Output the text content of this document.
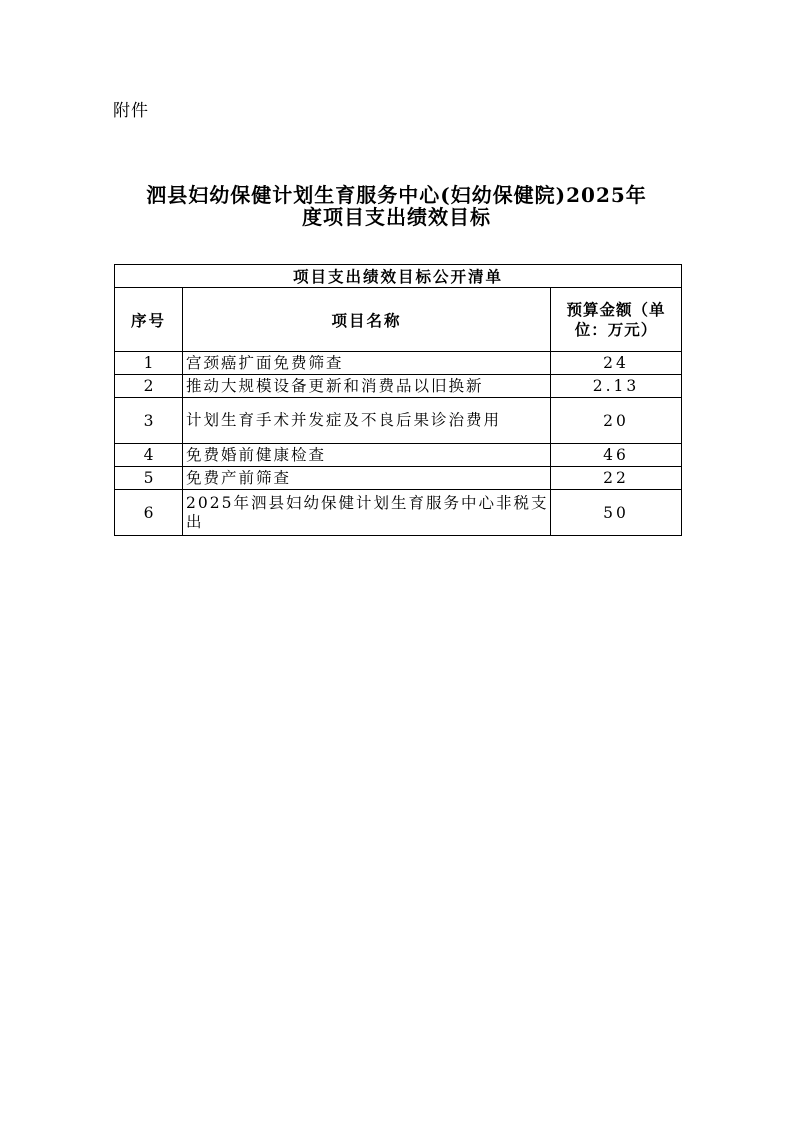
附件
泗县妇幼保健计划生育服务中心(妇幼保健院)2025年
度项目支出绩效目标
项目支出绩效目标公开清单		
序号	项目名称	预算金额（单位：万元）
1	宫颈癌扩面免费筛查	24
2	推动大规模设备更新和消费品以旧换新	2.13
3	计划生育手术并发症及不良后果诊治费用	20
4	免费婚前健康检查	46
5	免费产前筛查	22
6	2025年泗县妇幼保健计划生育服务中心非税支出	50
